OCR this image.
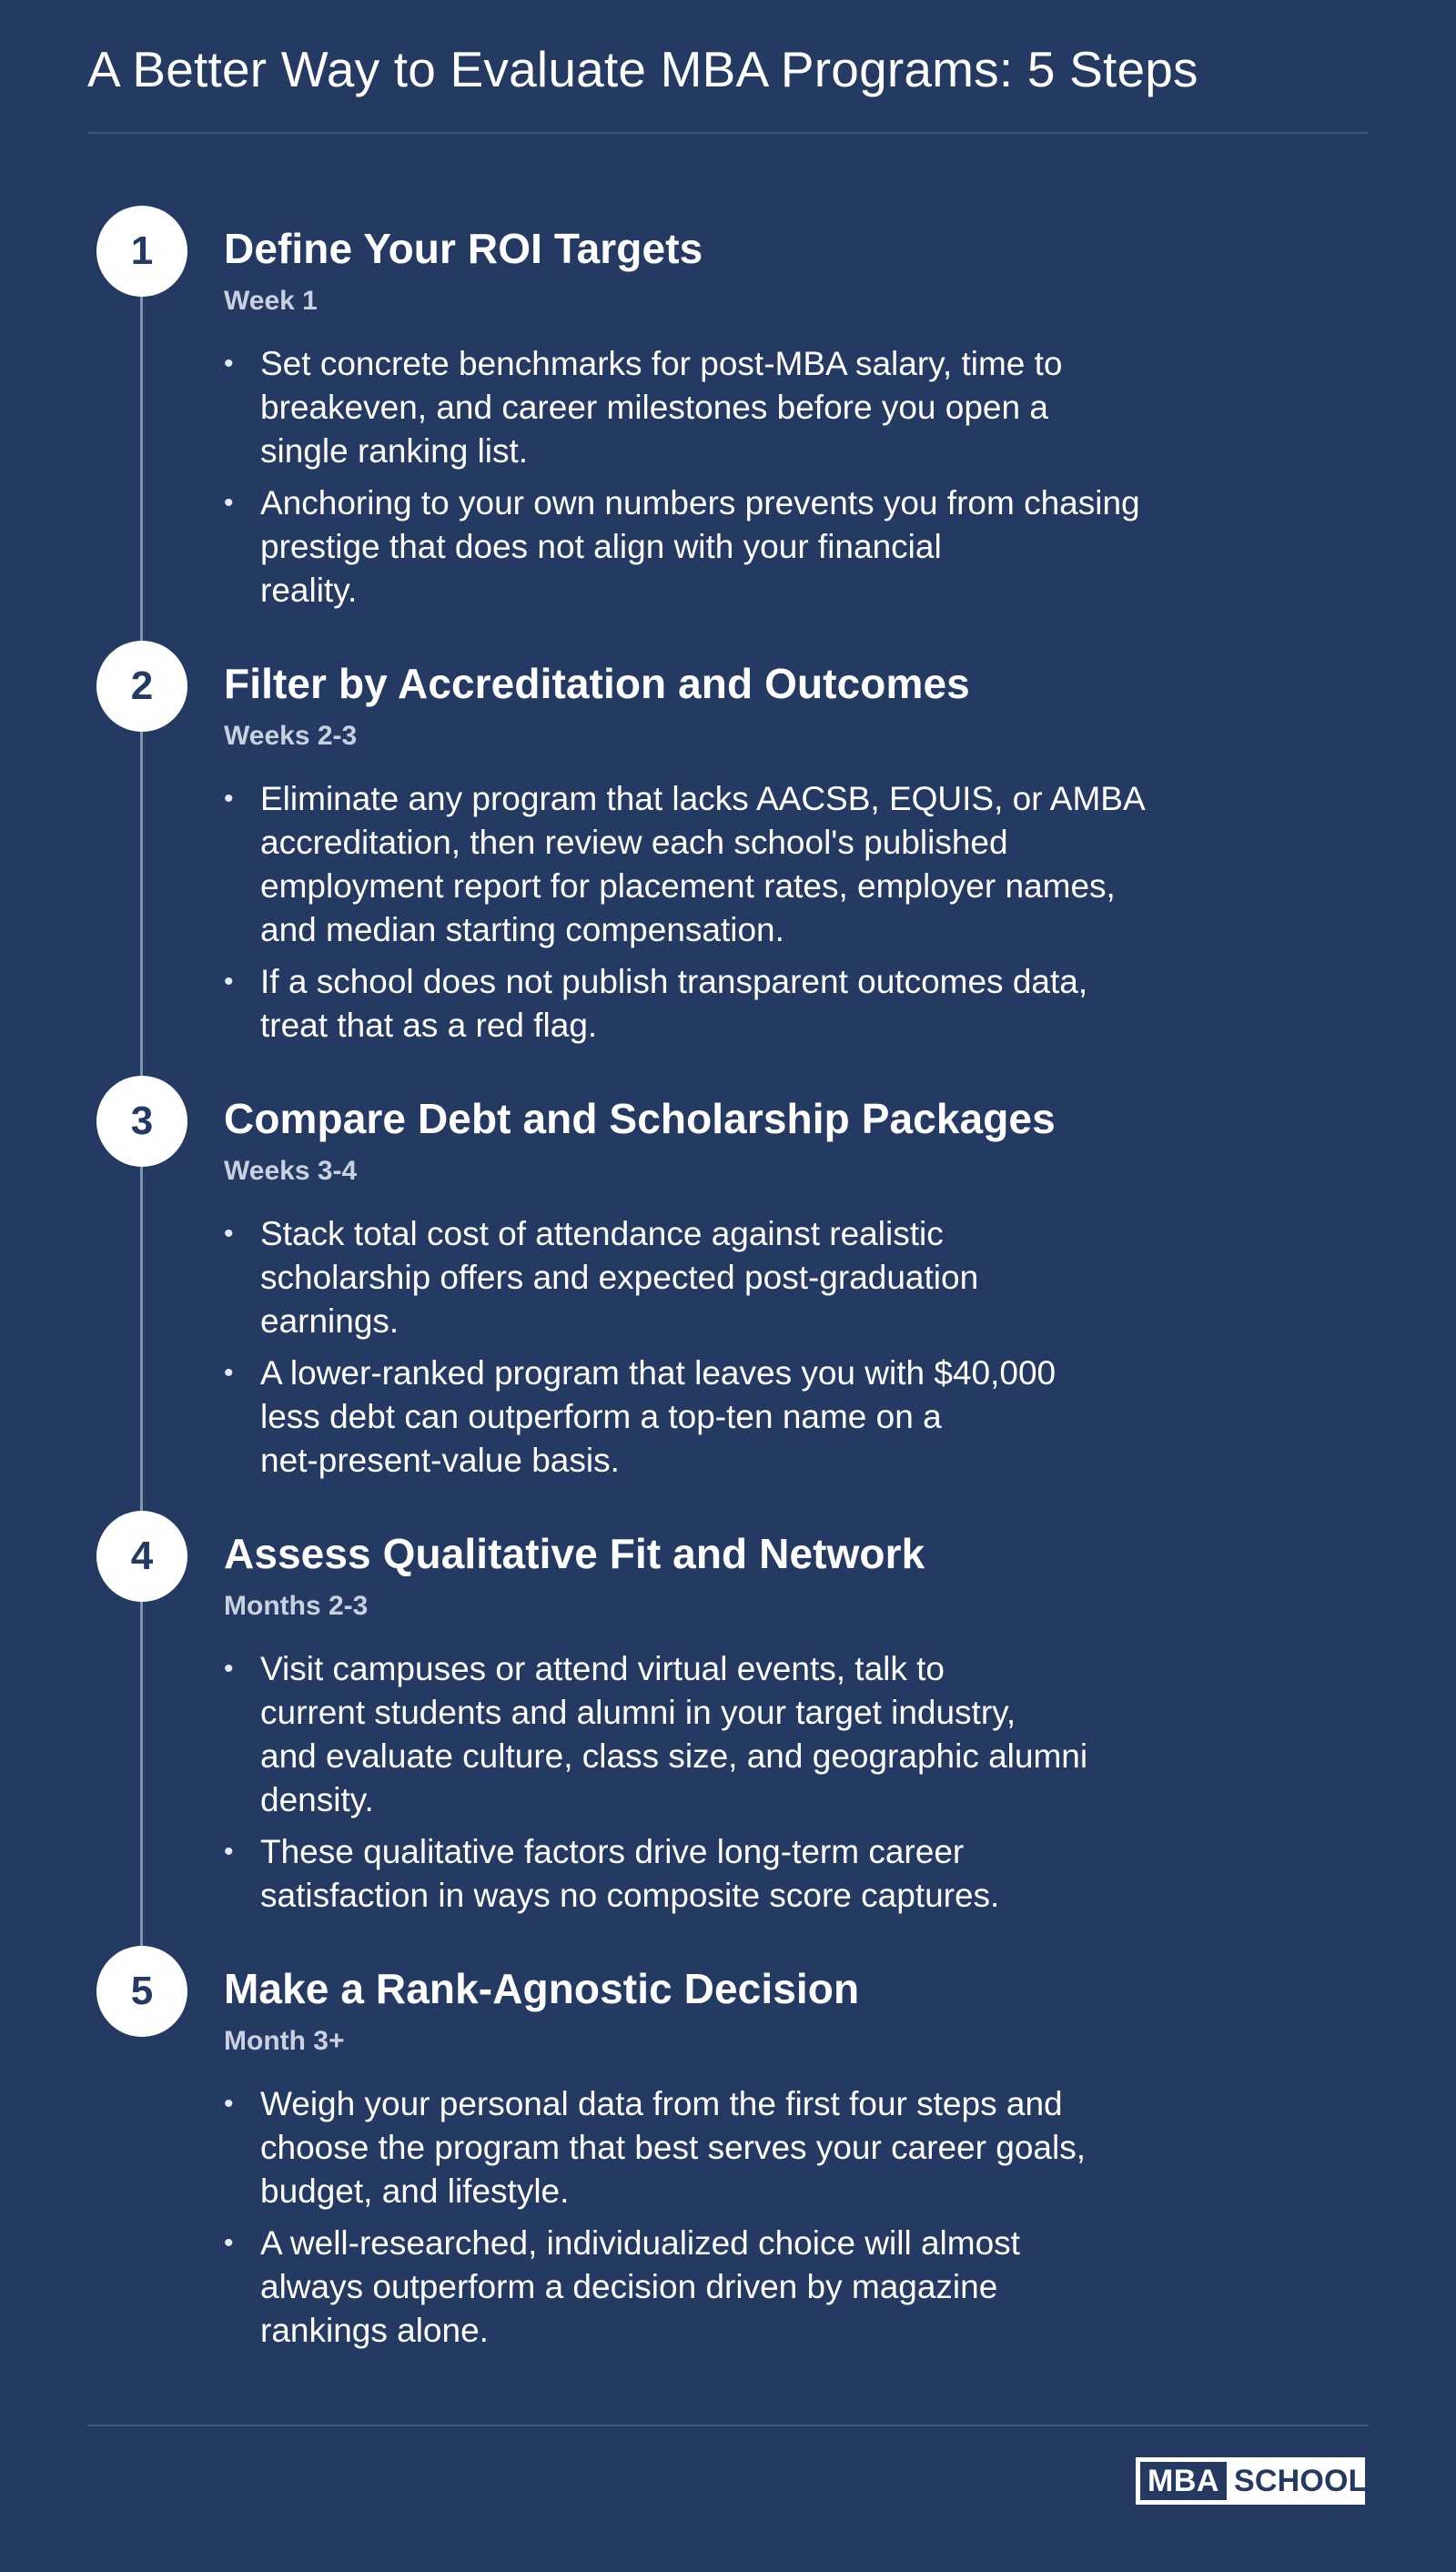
A Better Way to Evaluate MBA Programs: 5 Steps
1	Define Your ROI Targets
Week 1
• Set concrete benchmarks for post-MBA salary, time to
breakeven, and career milestones before you open a
single ranking list.
• Anchoring to your own numbers prevents you from chasing
prestige that does not align with your financial
reality.
2	Filter by Accreditation and Outcomes
Weeks 2-3
• Eliminate any program that lacks AACSB, EQUIS, or AMBA
accreditation, then review each school's published
employment report for placement rates, employer names,
and median starting compensation.
• If a school does not publish transparent outcomes data,
treat that as a red flag.
3	Compare Debt and Scholarship Packages
Weeks 3-4
• Stack total cost of attendance against realistic
scholarship offers and expected post-graduation
earnings.
• A lower-ranked program that leaves you with $40,000
less debt can outperform a top-ten name on a
net-present-value basis.
4	Assess Qualitative Fit and Network
Months 2-3
• Visit campuses or attend virtual events, talk to
current students and alumni in your target industry,
and evaluate culture, class size, and geographic alumni
density.
• These qualitative factors drive long-term career
satisfaction in ways no composite score captures.
5	Make a Rank-Agnostic Decision
Month 3+
• Weigh your personal data from the first four steps and
choose the program that best serves your career goals,
budget, and lifestyle.
• A well-researched, individualized choice will almost
always outperform a decision driven by magazine
rankings alone.
MBA SCHOOLS
